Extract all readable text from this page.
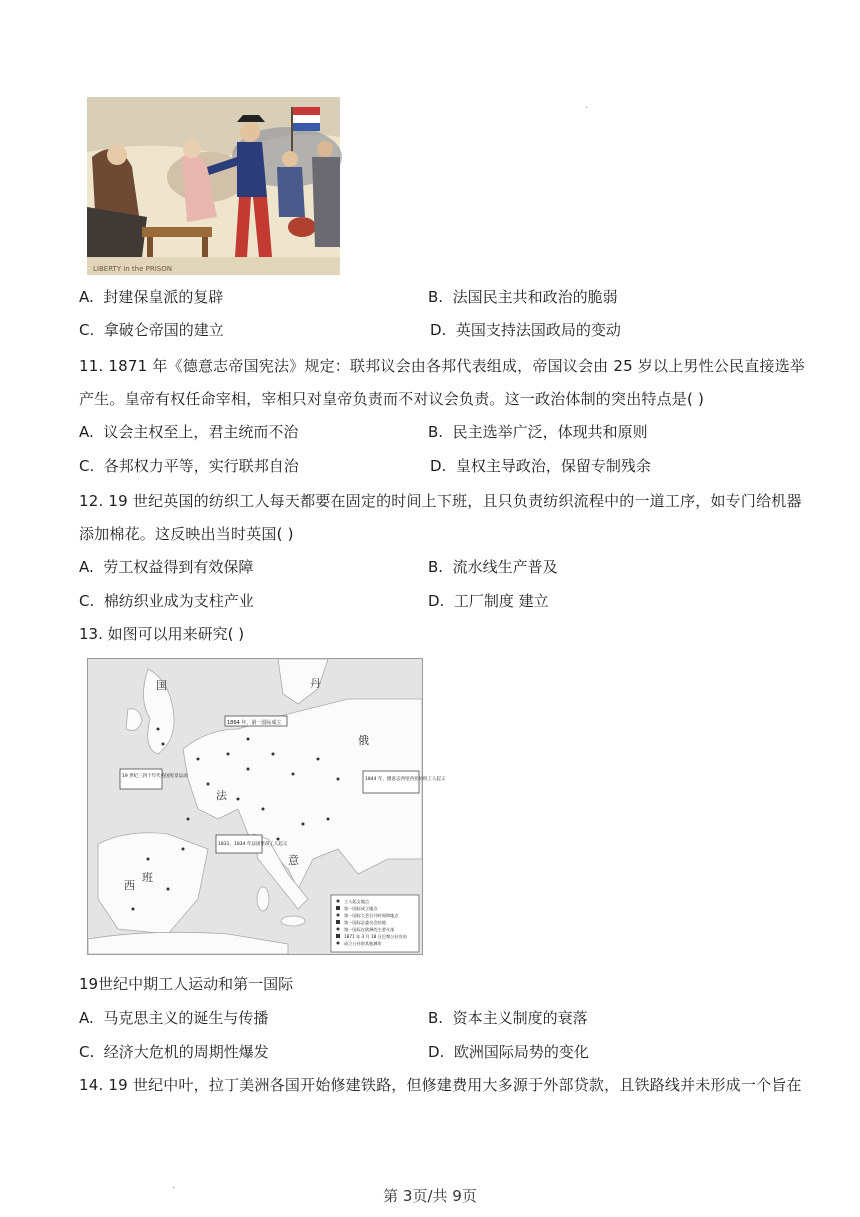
LIBERTY in the PRISON
.
A. 封建保皇派的复辟	B. 法国民主共和政治的脆弱
C. 拿破仑帝国的建立	D. 英国支持法国政局的变动
11. 1871 年《德意志帝国宪法》规定：联邦议会由各邦代表组成，帝国议会由 25 岁以上男性公民直接选举
产生。皇帝有权任命宰相，宰相只对皇帝负责而不对议会负责。这一政治体制的突出特点是( )
A. 议会主权至上，君主统而不治	B. 民主选举广泛，体现共和原则
C. 各邦权力平等，实行联邦自治	D. 皇权主导政治，保留专制残余
12. 19 世纪英国的纺织工人每天都要在固定的时间上下班，且只负责纺织流程中的一道工序，如专门给机器
添加棉花。这反映出当时英国( )
A. 劳工权益得到有效保障	B. 流水线生产普及
C. 棉纺织业成为支柱产业	D. 工厂制度 建立
13. 如图可以用来研究( )
丹
国
法
俄
西
班
意
1864 年，第一国际成立
19 世纪三四十年代英国宪章运动
1844 年，德意志西里西亚纺织工人起义
1831、1834 年法国里昂工人起义
工人起义地点
第一国际成立地点
第一国际大会召开时间和地点
第一国际总委员会驻地
第一国际在欧洲的主要支部
1871 年 3 月 18 日巴黎公社宣布
成立公社的其他城市
19世纪中期工人运动和第一国际
A. 马克思主义的诞生与传播	B. 资本主义制度的衰落
C. 经济大危机的周期性爆发	D. 欧洲国际局势的变化
14. 19 世纪中叶，拉丁美洲各国开始修建铁路，但修建费用大多源于外部贷款，且铁路线并未形成一个旨在
.
第 3页/共 9页
